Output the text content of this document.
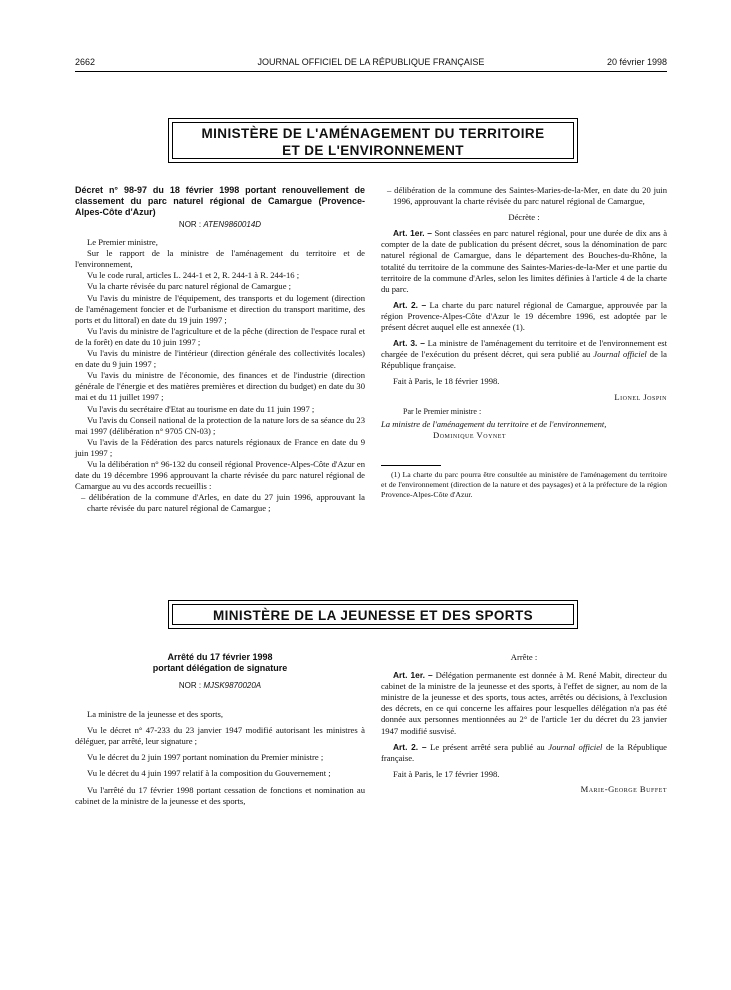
2662	JOURNAL OFFICIEL DE LA RÉPUBLIQUE FRANÇAISE	20 février 1998
MINISTÈRE DE L'AMÉNAGEMENT DU TERRITOIRE
ET DE L'ENVIRONNEMENT
Décret n° 98-97 du 18 février 1998 portant renouvellement de classement du parc naturel régional de Camargue (Provence-Alpes-Côte d'Azur)
NOR : ATEN9860014D

Le Premier ministre,

Sur le rapport de la ministre de l'aménagement du territoire et de l'environnement,

Vu le code rural, articles L. 244-1 et 2, R. 244-1 à R. 244-16 ;

Vu la charte révisée du parc naturel régional de Camargue ;

Vu l'avis du ministre de l'équipement, des transports et du logement (direction de l'aménagement foncier et de l'urbanisme et direction du transport maritime, des ports et du littoral) en date du 19 juin 1997 ;

Vu l'avis du ministre de l'agriculture et de la pêche (direction de l'espace rural et de la forêt) en date du 10 juin 1997 ;

Vu l'avis du ministre de l'intérieur (direction générale des collectivités locales) en date du 9 juin 1997 ;

Vu l'avis du ministre de l'économie, des finances et de l'industrie (direction générale de l'énergie et des matières premières et direction du budget) en date du 30 mai et du 11 juillet 1997 ;

Vu l'avis du secrétaire d'Etat au tourisme en date du 11 juin 1997 ;

Vu l'avis du Conseil national de la protection de la nature lors de sa séance du 23 mai 1997 (délibération n° 9705 CN-03) ;

Vu l'avis de la Fédération des parcs naturels régionaux de France en date du 9 juin 1997 ;

Vu la délibération n° 96-132 du conseil régional Provence-Alpes-Côte d'Azur en date du 19 décembre 1996 approuvant la charte révisée du parc naturel régional de Camargue au vu des accords recueillis :

– délibération de la commune d'Arles, en date du 27 juin 1996, approuvant la charte révisée du parc naturel régional de Camargue ;

– délibération de la commune des Saintes-Maries-de-la-Mer, en date du 20 juin 1996, approuvant la charte révisée du parc naturel régional de Camargue,

Décrète :

Art. 1er. – Sont classées en parc naturel régional, pour une durée de dix ans à compter de la date de publication du présent décret, sous la dénomination de parc naturel régional de Camargue, dans le département des Bouches-du-Rhône, la totalité du territoire de la commune des Saintes-Maries-de-la-Mer et une partie du territoire de la commune d'Arles, selon les limites définies à l'article 4 de la charte du parc.

Art. 2. – La charte du parc naturel régional de Camargue, approuvée par la région Provence-Alpes-Côte d'Azur le 19 décembre 1996, est adoptée par le présent décret auquel elle est annexée (1).

Art. 3. – La ministre de l'aménagement du territoire et de l'environnement est chargée de l'exécution du présent décret, qui sera publié au Journal officiel de la République française.

Fait à Paris, le 18 février 1998.

Lionel Jospin

Par le Premier ministre :

La ministre de l'aménagement du territoire et de l'environnement,

Dominique Voynet

(1) La charte du parc pourra être consultée au ministère de l'aménagement du territoire et de l'environnement (direction de la nature et des paysages) et à la préfecture de la région Provence-Alpes-Côte d'Azur.

MINISTÈRE DE LA JEUNESSE ET DES SPORTS
Arrêté du 17 février 1998
portant délégation de signature
NOR : MJSK9870020A

La ministre de la jeunesse et des sports,

Vu le décret n° 47-233 du 23 janvier 1947 modifié autorisant les ministres à déléguer, par arrêté, leur signature ;

Vu le décret du 2 juin 1997 portant nomination du Premier ministre ;

Vu le décret du 4 juin 1997 relatif à la composition du Gouvernement ;

Vu l'arrêté du 17 février 1998 portant cessation de fonctions et nomination au cabinet de la ministre de la jeunesse et des sports,

Arrête :

Art. 1er. – Délégation permanente est donnée à M. René Mabit, directeur du cabinet de la ministre de la jeunesse et des sports, à l'effet de signer, au nom de la ministre de la jeunesse et des sports, tous actes, arrêtés ou décisions, à l'exclusion des décrets, en ce qui concerne les affaires pour lesquelles délégation n'a pas été donnée aux personnes mentionnées au 2° de l'article 1er du décret du 23 janvier 1947 modifié susvisé.

Art. 2. – Le présent arrêté sera publié au Journal officiel de la République française.

Fait à Paris, le 17 février 1998.

Marie-George Buffet
